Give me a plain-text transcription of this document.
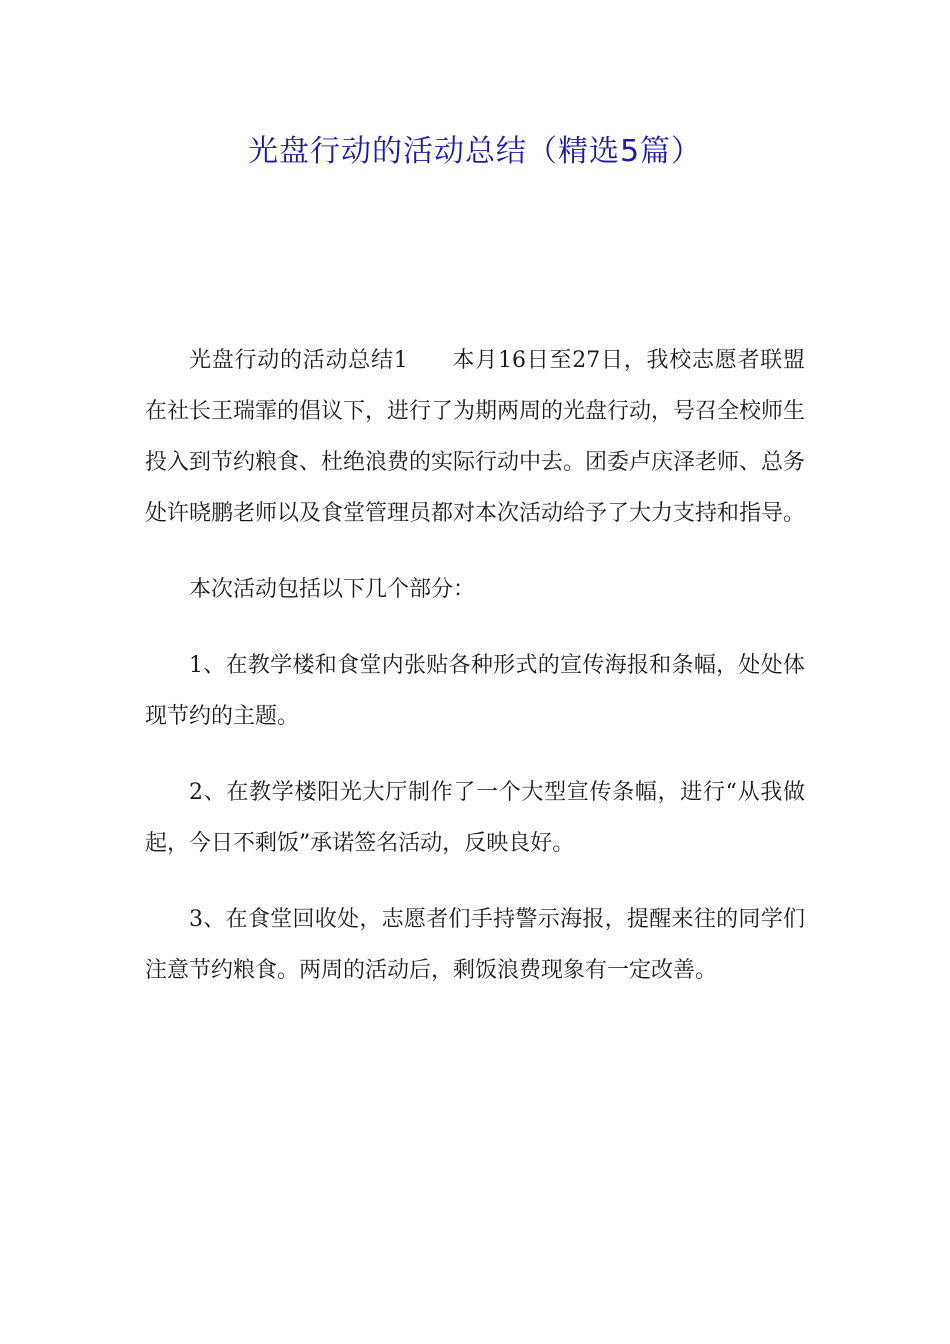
光盘行动的活动总结（精选5篇）

光盘行动的活动总结1 本月16日至27日，我校志愿者联盟在社长王瑞霏的倡议下，进行了为期两周的光盘行动，号召全校师生投入到节约粮食、杜绝浪费的实际行动中去。团委卢庆泽老师、总务处许晓鹏老师以及食堂管理员都对本次活动给予了大力支持和指导。

本次活动包括以下几个部分：

1、在教学楼和食堂内张贴各种形式的宣传海报和条幅，处处体现节约的主题。

2、在教学楼阳光大厅制作了一个大型宣传条幅，进行“从我做起，今日不剩饭”承诺签名活动，反映良好。

3、在食堂回收处，志愿者们手持警示海报，提醒来往的同学们注意节约粮食。两周的活动后，剩饭浪费现象有一定改善。
